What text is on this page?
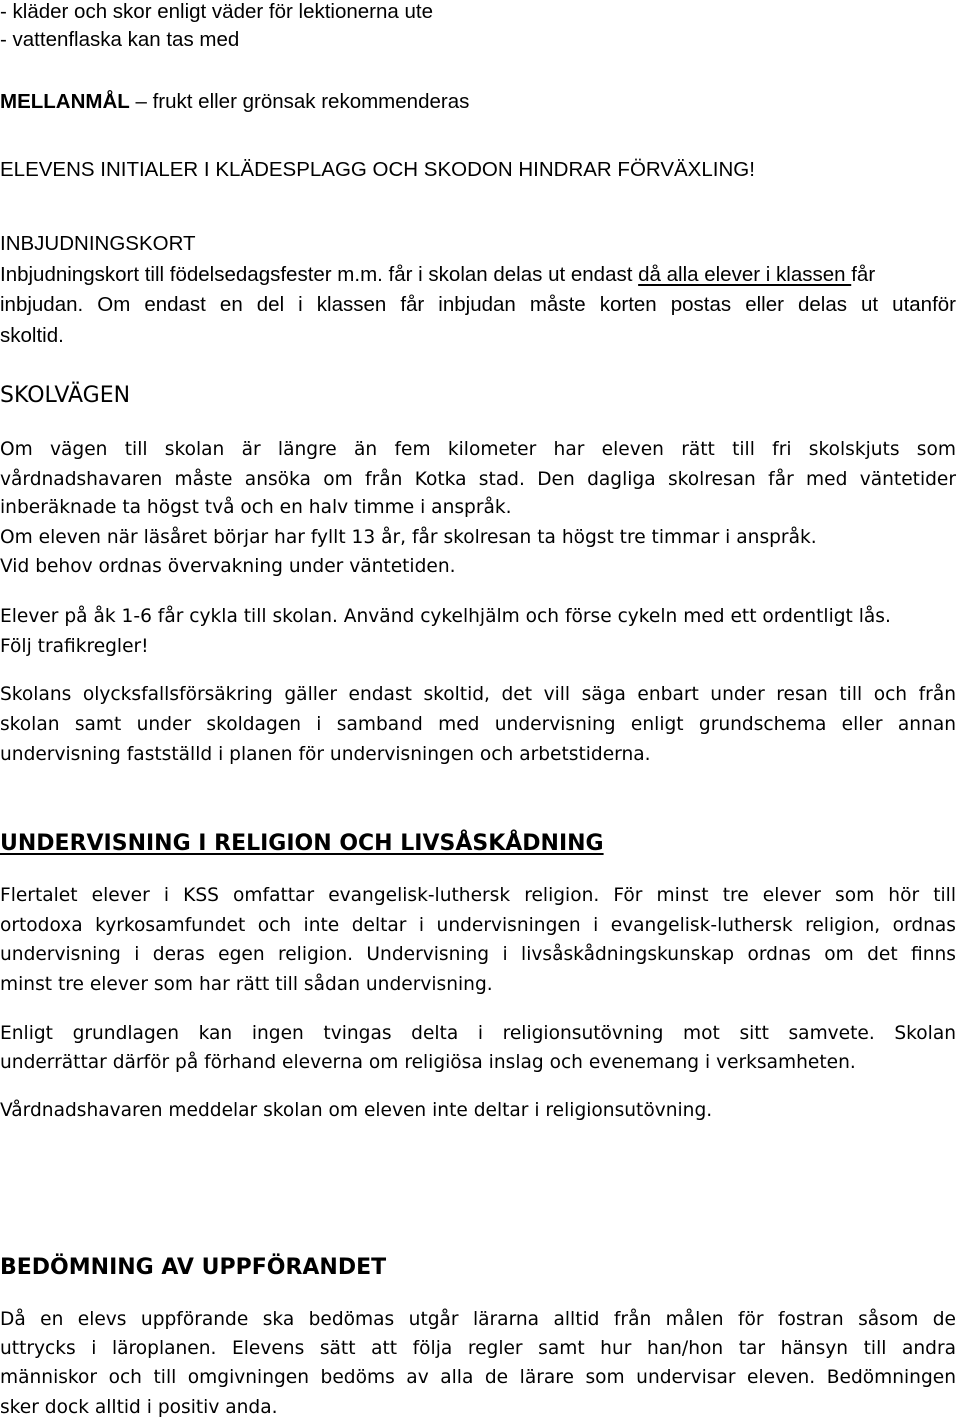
- kläder och skor enligt väder för lektionerna ute

- vattenflaska kan tas med

MELLANMÅL – frukt eller grönsak rekommenderas

ELEVENS INITIALER I KLÄDESPLAGG OCH SKODON HINDRAR FÖRVÄXLING!

INBJUDNINGSKORT

Inbjudningskort till födelsedagsfester m.m. får i skolan delas ut endast då alla elever i klassen får

inbjudan. Om endast en del i klassen får inbjudan måste korten postas eller delas ut utanför

skoltid.

SKOLVÄGEN

Om vägen till skolan är längre än fem kilometer har eleven rätt till fri skolskjuts som

vårdnadshavaren måste ansöka om från Kotka stad. Den dagliga skolresan får med väntetider

inberäknade ta högst två och en halv timme i anspråk.

Om eleven när läsåret börjar har fyllt 13 år, får skolresan ta högst tre timmar i anspråk.

Vid behov ordnas övervakning under väntetiden.

Elever på åk 1-6 får cykla till skolan. Använd cykelhjälm och förse cykeln med ett ordentligt lås.

Följ trafikregler!

Skolans olycksfallsförsäkring gäller endast skoltid, det vill säga enbart under resan till och från

skolan samt under skoldagen i samband med undervisning enligt grundschema eller annan

undervisning fastställd i planen för undervisningen och arbetstiderna.

UNDERVISNING I RELIGION OCH LIVSÅSKÅDNING

Flertalet elever i KSS omfattar evangelisk-luthersk religion. För minst tre elever som hör till

ortodoxa kyrkosamfundet och inte deltar i undervisningen i evangelisk-luthersk religion, ordnas

undervisning i deras egen religion. Undervisning i livsåskådningskunskap ordnas om det finns

minst tre elever som har rätt till sådan undervisning.

Enligt grundlagen kan ingen tvingas delta i religionsutövning mot sitt samvete. Skolan

underrättar därför på förhand eleverna om religiösa inslag och evenemang i verksamheten.

Vårdnadshavaren meddelar skolan om eleven inte deltar i religionsutövning.

BEDÖMNING AV UPPFÖRANDET

Då en elevs uppförande ska bedömas utgår lärarna alltid från målen för fostran såsom de

uttrycks i läroplanen. Elevens sätt att följa regler samt hur han/hon tar hänsyn till andra

människor och till omgivningen bedöms av alla de lärare som undervisar eleven. Bedömningen

sker dock alltid i positiv anda.
